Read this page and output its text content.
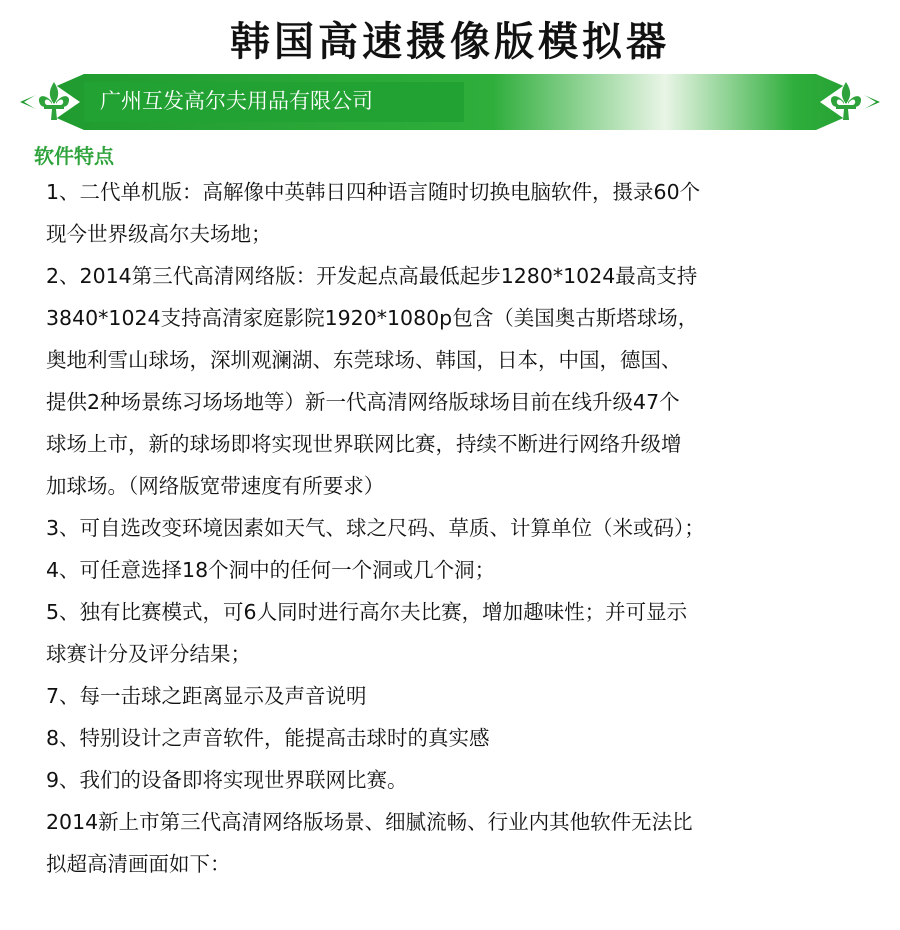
韩国高速摄像版模拟器
广州互发高尔夫用品有限公司
软件特点
1、二代单机版：高解像中英韩日四种语言随时切换电脑软件，摄录60个
现今世界级高尔夫场地；
2、2014第三代高清网络版：开发起点高最低起步1280*1024最高支持
3840*1024支持高清家庭影院1920*1080p包含（美国奥古斯塔球场，
奥地利雪山球场，深圳观澜湖、东莞球场、韩国，日本，中国，德国、
提供2种场景练习场场地等）新一代高清网络版球场目前在线升级47个
球场上市，新的球场即将实现世界联网比赛，持续不断进行网络升级增
加球场。（网络版宽带速度有所要求）
3、可自选改变环境因素如天气、球之尺码、草质、计算单位（米或码）；
4、可任意选择18个洞中的任何一个洞或几个洞；
5、独有比赛模式，可6人同时进行高尔夫比赛，增加趣味性；并可显示
球赛计分及评分结果；
7、每一击球之距离显示及声音说明
8、特别设计之声音软件，能提高击球时的真实感
9、我们的设备即将实现世界联网比赛。
2014新上市第三代高清网络版场景、细腻流畅、行业内其他软件无法比
拟超高清画面如下：
